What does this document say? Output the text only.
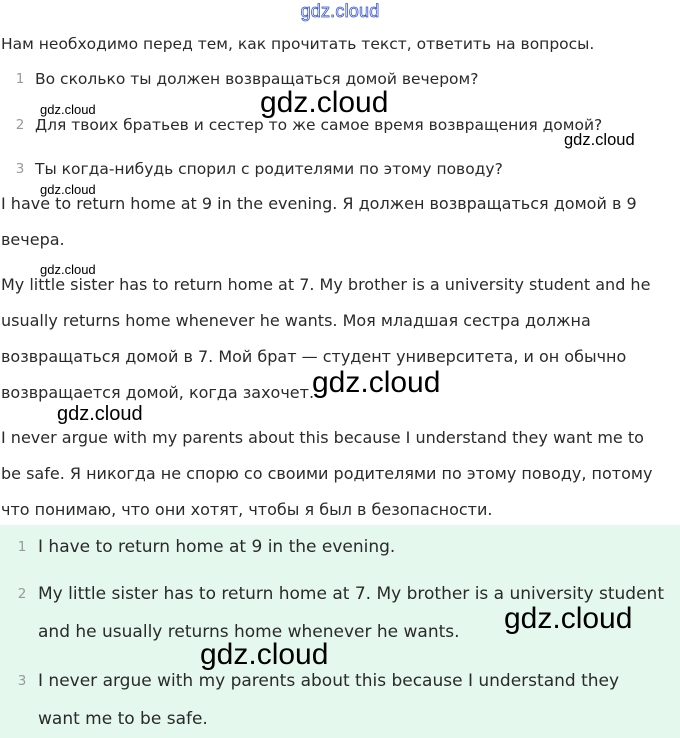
gdz.cloud
Нам необходимо перед тем, как прочитать текст, ответить на вопросы.
1 Во сколько ты должен возвращаться домой вечером?
2 Для твоих братьев и сестер то же самое время возвращения домой?
3 Ты когда-нибудь спорил с родителями по этому поводу?

I have to return home at 9 in the evening. Я должен возвращаться домой в 9

вечера.

My little sister has to return home at 7. My brother is a university student and he

usually returns home whenever he wants. Моя младшая сестра должна

возвращаться домой в 7. Мой брат — студент университета, и он обычно

возвращается домой, когда захочет.

I never argue with my parents about this because I understand they want me to

be safe. Я никогда не спорю со своими родителями по этому поводу, потому

что понимаю, что они хотят, чтобы я был в безопасности.

1 I have to return home at 9 in the evening.

2 My little sister has to return home at 7. My brother is a university student

and he usually returns home whenever he wants.

3 I never argue with my parents about this because I understand they

want me to be safe.

gdz.cloud	gdz.cloud
gdz.cloud
gdz.cloud
gdz.cloud
gdz.cloud
gdz.cloud
gdz.cloud
gdz.cloud
